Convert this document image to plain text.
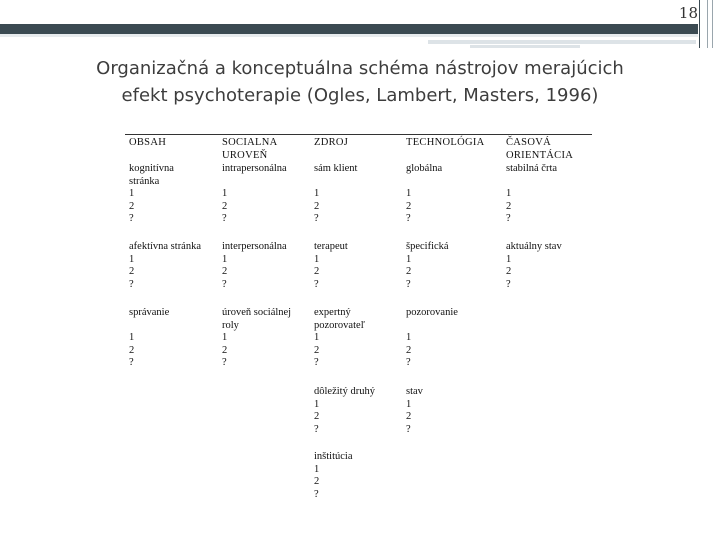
18
Organizačná a konceptuálna schéma nástrojov merajúcich
efekt psychoterapie (Ogles, Lambert, Masters, 1996)
OBSAH	SOCIALNA
UROVEŇ
ZDROJ	TECHNOLÓGIA ČASOVÁ
ORIENTÁCIA
kognitívna
stránka
1
2
?
intrapersonálna

1
2
?
sám klient

1
2
?
globálna

1
2
?
stabilná črta

1
2
?
afektívna stránka
1
2
?
interpersonálna
1
2
?
terapeut
1
2
?
špecifická
1
2
?
aktuálny stav
1
2
?
správanie

1
2
?
úroveň sociálnej
roly
1
2
?
expertný
pozorovateľ
1
2
?
pozorovanie

1
2
?
dôležitý druhý
1
2
?
stav
1
2
?
inštitúcia
1
2
?
